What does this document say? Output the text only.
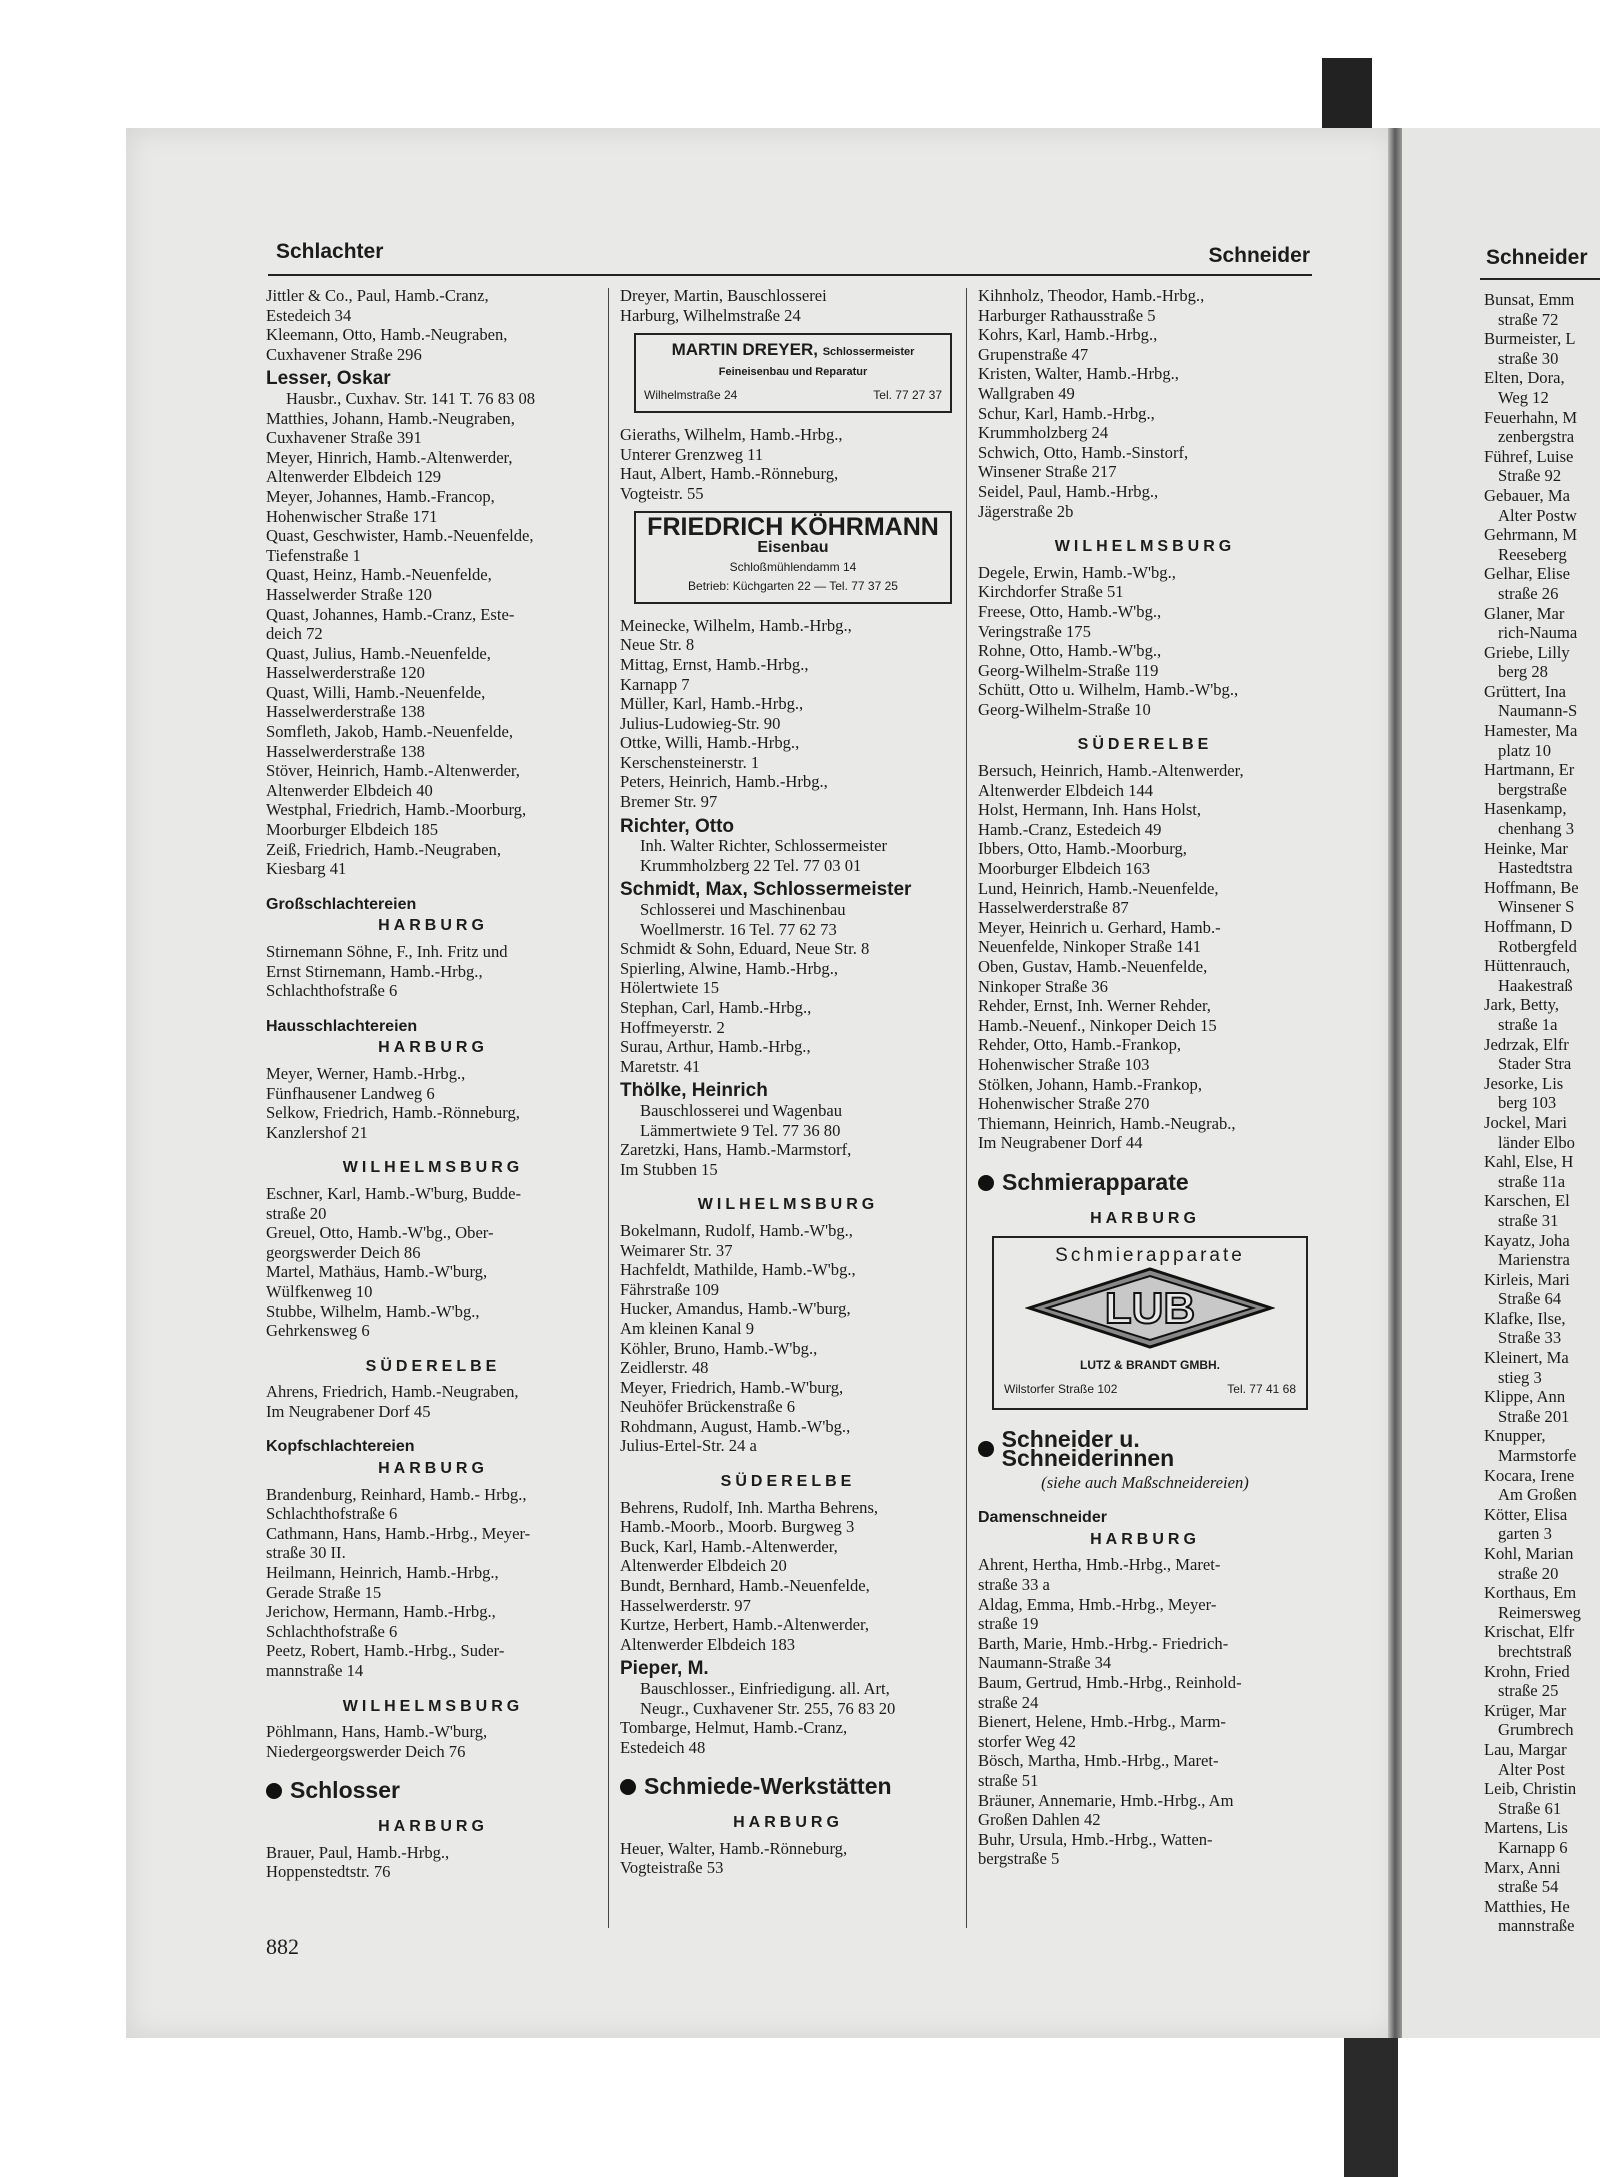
Schlachter	Schneider
Jittler & Co., Paul, Hamb.-Cranz,
Estedeich 34
Kleemann, Otto, Hamb.-Neugraben,
Cuxhavener Straße 296
Lesser, Oskar
Hausbr., Cuxhav. Str. 141 T. 76 83 08
Matthies, Johann, Hamb.-Neugraben,
Cuxhavener Straße 391
Meyer, Hinrich, Hamb.-Altenwerder,
Altenwerder Elbdeich 129
Meyer, Johannes, Hamb.-Francop,
Hohenwischer Straße 171
Quast, Geschwister, Hamb.-Neuenfelde,
Tiefenstraße 1
Quast, Heinz, Hamb.-Neuenfelde,
Hasselwerder Straße 120
Quast, Johannes, Hamb.-Cranz, Este-
deich 72
Quast, Julius, Hamb.-Neuenfelde,
Hasselwerderstraße 120
Quast, Willi, Hamb.-Neuenfelde,
Hasselwerderstraße 138
Somfleth, Jakob, Hamb.-Neuenfelde,
Hasselwerderstraße 138
Stöver, Heinrich, Hamb.-Altenwerder,
Altenwerder Elbdeich 40
Westphal, Friedrich, Hamb.-Moorburg,
Moorburger Elbdeich 185
Zeiß, Friedrich, Hamb.-Neugraben,
Kiesbarg 41
Großschlachtereien
HARBURG
Stirnemann Söhne, F., Inh. Fritz und
Ernst Stirnemann, Hamb.-Hrbg.,
Schlachthofstraße 6
Hausschlachtereien
HARBURG
Meyer, Werner, Hamb.-Hrbg.,
Fünfhausener Landweg 6
Selkow, Friedrich, Hamb.-Rönneburg,
Kanzlershof 21
WILHELMSBURG
Eschner, Karl, Hamb.-W'burg, Budde-
straße 20
Greuel, Otto, Hamb.-W'bg., Ober-
georgswerder Deich 86
Martel, Mathäus, Hamb.-W'burg,
Wülfkenweg 10
Stubbe, Wilhelm, Hamb.-W'bg.,
Gehrkensweg 6
SÜDERELBE
Ahrens, Friedrich, Hamb.-Neugraben,
Im Neugrabener Dorf 45
Kopfschlachtereien
HARBURG
Brandenburg, Reinhard, Hamb.- Hrbg.,
Schlachthofstraße 6
Cathmann, Hans, Hamb.-Hrbg., Meyer-
straße 30 II.
Heilmann, Heinrich, Hamb.-Hrbg.,
Gerade Straße 15
Jerichow, Hermann, Hamb.-Hrbg.,
Schlachthofstraße 6
Peetz, Robert, Hamb.-Hrbg., Suder-
mannstraße 14
WILHELMSBURG
Pöhlmann, Hans, Hamb.-W'burg,
Niedergeorgswerder Deich 76
Schlosser
HARBURG
Brauer, Paul, Hamb.-Hrbg.,
Hoppenstedtstr. 76
Dreyer, Martin, Bauschlosserei
Harburg, Wilhelmstraße 24
MARTIN DREYER, Schlossermeister
Feineisenbau und Reparatur
Wilhelmstraße 24	Tel. 77 27 37
Gieraths, Wilhelm, Hamb.-Hrbg.,
Unterer Grenzweg 11
Haut, Albert, Hamb.-Rönneburg,
Vogteistr. 55
FRIEDRICH KÖHRMANN
Eisenbau
Schloßmühlendamm 14
Betrieb: Küchgarten 22 — Tel. 77 37 25
Meinecke, Wilhelm, Hamb.-Hrbg.,
Neue Str. 8
Mittag, Ernst, Hamb.-Hrbg.,
Karnapp 7
Müller, Karl, Hamb.-Hrbg.,
Julius-Ludowieg-Str. 90
Ottke, Willi, Hamb.-Hrbg.,
Kerschensteinerstr. 1
Peters, Heinrich, Hamb.-Hrbg.,
Bremer Str. 97
Richter, Otto
Inh. Walter Richter, Schlossermeister
Krummholzberg 22 Tel. 77 03 01
Schmidt, Max, Schlossermeister
Schlosserei und Maschinenbau
Woellmerstr. 16 Tel. 77 62 73
Schmidt & Sohn, Eduard, Neue Str. 8
Spierling, Alwine, Hamb.-Hrbg.,
Hölertwiete 15
Stephan, Carl, Hamb.-Hrbg.,
Hoffmeyerstr. 2
Surau, Arthur, Hamb.-Hrbg.,
Maretstr. 41
Thölke, Heinrich
Bauschlosserei und Wagenbau
Lämmertwiete 9 Tel. 77 36 80
Zaretzki, Hans, Hamb.-Marmstorf,
Im Stubben 15
WILHELMSBURG
Bokelmann, Rudolf, Hamb.-W'bg.,
Weimarer Str. 37
Hachfeldt, Mathilde, Hamb.-W'bg.,
Fährstraße 109
Hucker, Amandus, Hamb.-W'burg,
Am kleinen Kanal 9
Köhler, Bruno, Hamb.-W'bg.,
Zeidlerstr. 48
Meyer, Friedrich, Hamb.-W'burg,
Neuhöfer Brückenstraße 6
Rohdmann, August, Hamb.-W'bg.,
Julius-Ertel-Str. 24 a
SÜDERELBE
Behrens, Rudolf, Inh. Martha Behrens,
Hamb.-Moorb., Moorb. Burgweg 3
Buck, Karl, Hamb.-Altenwerder,
Altenwerder Elbdeich 20
Bundt, Bernhard, Hamb.-Neuenfelde,
Hasselwerderstr. 97
Kurtze, Herbert, Hamb.-Altenwerder,
Altenwerder Elbdeich 183
Pieper, M.
Bauschlosser., Einfriedigung. all. Art,
Neugr., Cuxhavener Str. 255, 76 83 20
Tombarge, Helmut, Hamb.-Cranz,
Estedeich 48
Schmiede-Werkstätten
HARBURG
Heuer, Walter, Hamb.-Rönneburg,
Vogteistraße 53
Kihnholz, Theodor, Hamb.-Hrbg.,
Harburger Rathausstraße 5
Kohrs, Karl, Hamb.-Hrbg.,
Grupenstraße 47
Kristen, Walter, Hamb.-Hrbg.,
Wallgraben 49
Schur, Karl, Hamb.-Hrbg.,
Krummholzberg 24
Schwich, Otto, Hamb.-Sinstorf,
Winsener Straße 217
Seidel, Paul, Hamb.-Hrbg.,
Jägerstraße 2b
WILHELMSBURG
Degele, Erwin, Hamb.-W'bg.,
Kirchdorfer Straße 51
Freese, Otto, Hamb.-W'bg.,
Veringstraße 175
Rohne, Otto, Hamb.-W'bg.,
Georg-Wilhelm-Straße 119
Schütt, Otto u. Wilhelm, Hamb.-W'bg.,
Georg-Wilhelm-Straße 10
SÜDERELBE
Bersuch, Heinrich, Hamb.-Altenwerder,
Altenwerder Elbdeich 144
Holst, Hermann, Inh. Hans Holst,
Hamb.-Cranz, Estedeich 49
Ibbers, Otto, Hamb.-Moorburg,
Moorburger Elbdeich 163
Lund, Heinrich, Hamb.-Neuenfelde,
Hasselwerderstraße 87
Meyer, Heinrich u. Gerhard, Hamb.-
Neuenfelde, Ninkoper Straße 141
Oben, Gustav, Hamb.-Neuenfelde,
Ninkoper Straße 36
Rehder, Ernst, Inh. Werner Rehder,
Hamb.-Neuenf., Ninkoper Deich 15
Rehder, Otto, Hamb.-Frankop,
Hohenwischer Straße 103
Stölken, Johann, Hamb.-Frankop,
Hohenwischer Straße 270
Thiemann, Heinrich, Hamb.-Neugrab.,
Im Neugrabener Dorf 44
Schmierapparate
HARBURG
Schmierapparate
LUB
LUTZ & BRANDT GMBH.
Wilstorfer Straße 102	Tel. 77 41 68
Schneider u. Schneiderinnen
(siehe auch Maßschneidereien)
Damenschneider
HARBURG
Ahrent, Hertha, Hmb.-Hrbg., Maret-
straße 33 a
Aldag, Emma, Hmb.-Hrbg., Meyer-
straße 19
Barth, Marie, Hmb.-Hrbg.- Friedrich-
Naumann-Straße 34
Baum, Gertrud, Hmb.-Hrbg., Reinhold-
straße 24
Bienert, Helene, Hmb.-Hrbg., Marm-
storfer Weg 42
Bösch, Martha, Hmb.-Hrbg., Maret-
straße 51
Bräuner, Annemarie, Hmb.-Hrbg., Am
Großen Dahlen 42
Buhr, Ursula, Hmb.-Hrbg., Watten-
bergstraße 5
882
Schneider
Bunsat, Emm
straße 72
Burmeister, L
straße 30
Elten, Dora,
Weg 12
Feuerhahn, M
zenbergstra
Führef, Luise
Straße 92
Gebauer, Ma
Alter Postw
Gehrmann, M
Reeseberg
Gelhar, Elise
straße 26
Glaner, Mar
rich-Nauma
Griebe, Lilly
berg 28
Grüttert, Ina
Naumann-S
Hamester, Ma
platz 10
Hartmann, Er
bergstraße
Hasenkamp,
chenhang 3
Heinke, Mar
Hastedtstra
Hoffmann, Be
Winsener S
Hoffmann, D
Rotbergfeld
Hüttenrauch,
Haakestraß
Jark, Betty,
straße 1a
Jedrzak, Elfr
Stader Stra
Jesorke, Lis
berg 103
Jockel, Mari
länder Elbo
Kahl, Else, H
straße 11a
Karschen, El
straße 31
Kayatz, Joha
Marienstra
Kirleis, Mari
Straße 64
Klafke, Ilse,
Straße 33
Kleinert, Ma
stieg 3
Klippe, Ann
Straße 201
Knupper,
Marmstorfe
Kocara, Irene
Am Großen
Kötter, Elisa
garten 3
Kohl, Marian
straße 20
Korthaus, Em
Reimersweg
Krischat, Elfr
brechtstraß
Krohn, Fried
straße 25
Krüger, Mar
Grumbrech
Lau, Margar
Alter Post
Leib, Christin
Straße 61
Martens, Lis
Karnapp 6
Marx, Anni
straße 54
Matthies, He
mannstraße
